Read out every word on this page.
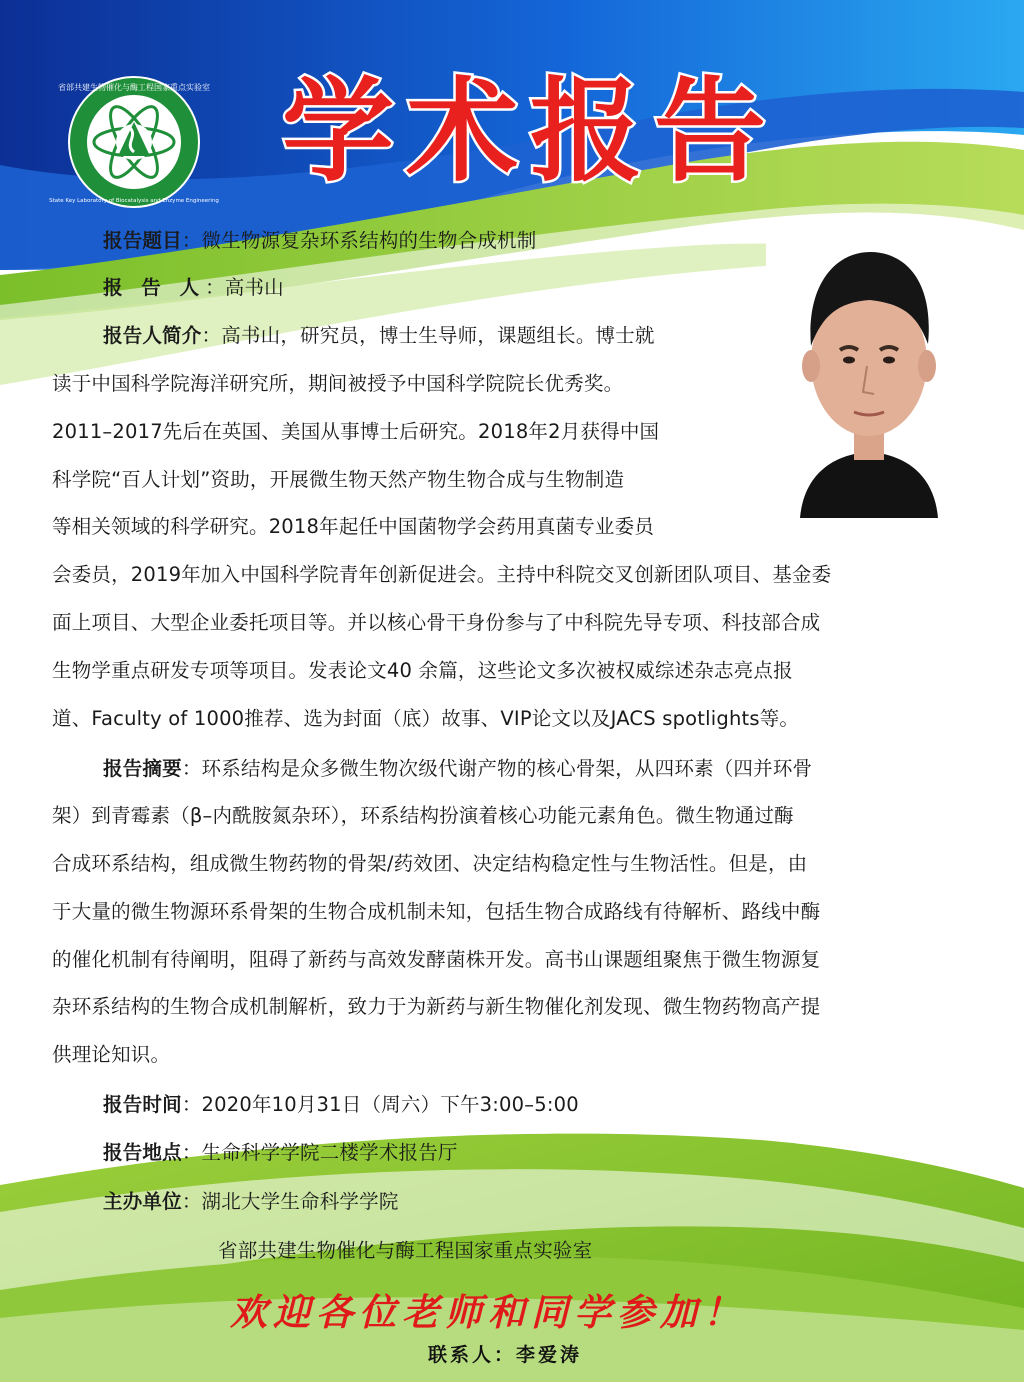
省部共建生物催化与酶工程国家重点实验室
State Key Laboratory of Biocatalysis and Enzyme Engineering
学术报告
报告题目：微生物源复杂环系结构的生物合成机制
报 告 人：高书山
报告人简介：高书山，研究员，博士生导师，课题组长。博士就
读于中国科学院海洋研究所，期间被授予中国科学院院长优秀奖。
2011–2017先后在英国、美国从事博士后研究。2018年2月获得中国
科学院“百人计划”资助，开展微生物天然产物生物合成与生物制造
等相关领域的科学研究。2018年起任中国菌物学会药用真菌专业委员
会委员，2019年加入中国科学院青年创新促进会。主持中科院交叉创新团队项目、基金委
面上项目、大型企业委托项目等。并以核心骨干身份参与了中科院先导专项、科技部合成
生物学重点研发专项等项目。发表论文40 余篇，这些论文多次被权威综述杂志亮点报
道、Faculty of 1000推荐、选为封面（底）故事、VIP论文以及JACS spotlights等。
报告摘要：环系结构是众多微生物次级代谢产物的核心骨架，从四环素（四并环骨
架）到青霉素（β–内酰胺氮杂环），环系结构扮演着核心功能元素角色。微生物通过酶
合成环系结构，组成微生物药物的骨架/药效团、决定结构稳定性与生物活性。但是，由
于大量的微生物源环系骨架的生物合成机制未知，包括生物合成路线有待解析、路线中酶
的催化机制有待阐明，阻碍了新药与高效发酵菌株开发。高书山课题组聚焦于微生物源复
杂环系结构的生物合成机制解析，致力于为新药与新生物催化剂发现、微生物药物高产提
供理论知识。
报告时间：2020年10月31日（周六）下午3:00–5:00
报告地点：生命科学学院二楼学术报告厅
主办单位：湖北大学生命科学学院
省部共建生物催化与酶工程国家重点实验室
欢迎各位老师和同学参加！
联系人：李爱涛
